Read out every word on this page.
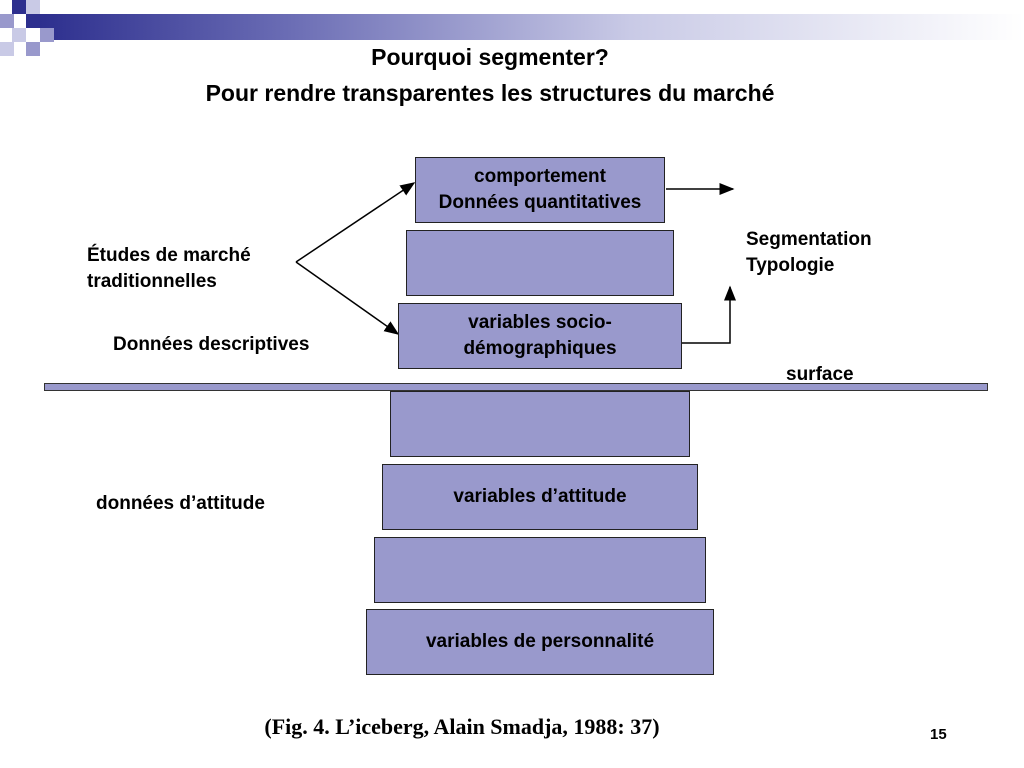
Pourquoi segmenter?
Pour rendre transparentes les structures du marché
comportement
Données quantitatives
variables socio-
démographiques
variables d’attitude
variables de personnalité
Études de marché
traditionnelles
Données descriptives
Segmentation
Typologie
surface
données d’attitude
(Fig. 4. L’iceberg, Alain Smadja, 1988: 37)	15
